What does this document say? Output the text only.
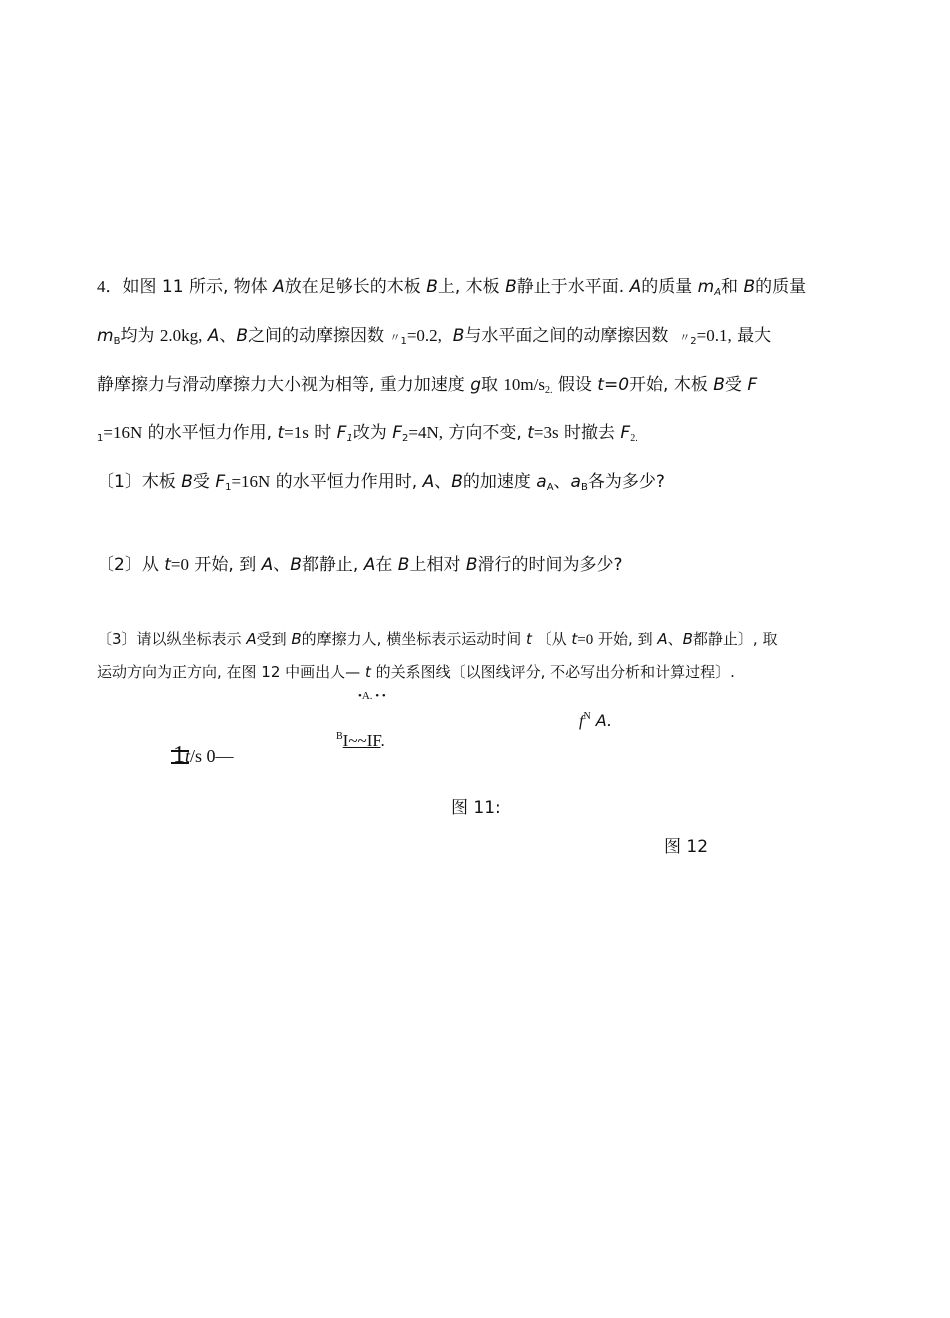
4．如图 11 所示, 物体 A放在足够长的木板 B上, 木板 B静止于水平面. A的质量 $m_A$和 B的质量
$m_B$均为 2.0kg, A、B之间的动摩擦因数 〃$_1$=0.2, B与水平面之间的动摩擦因数  〃$_2$=0.1, 最大
静摩擦力与滑动摩擦力大小视为相等, 重力加速度 g取 $10m/s_{2.}$ 假设 t=0开始, 木板 B受 F
$_1$=16N 的水平恒力作用, t=1s 时 $F_1$改为 $F_2=4N$, 方向不变, t=3s 时撤去 $F_{2.}$
〔1〕木板 B受 $F_1=16N$ 的水平恒力作用时, A、B的加速度 $a_A$、$a_B$各为多少?
〔2〕从 t=0 开始, 到 A、B都静止, A在 B上相对 B滑行的时间为多少?
〔3〕请以纵坐标表示 A受到 B的摩擦力人, 横坐标表示运动时间 t 〔从 t=0 开始, 到 A、B都静止〕, 取
运动方向为正方向, 在图 12 中画出人— t 的关系图线〔以图线评分, 不必写出分析和计算过程〕.
•A. • •
$^B$I~~IF.
$f^N$ A.
1t/s 0—
图 11:
图 12
